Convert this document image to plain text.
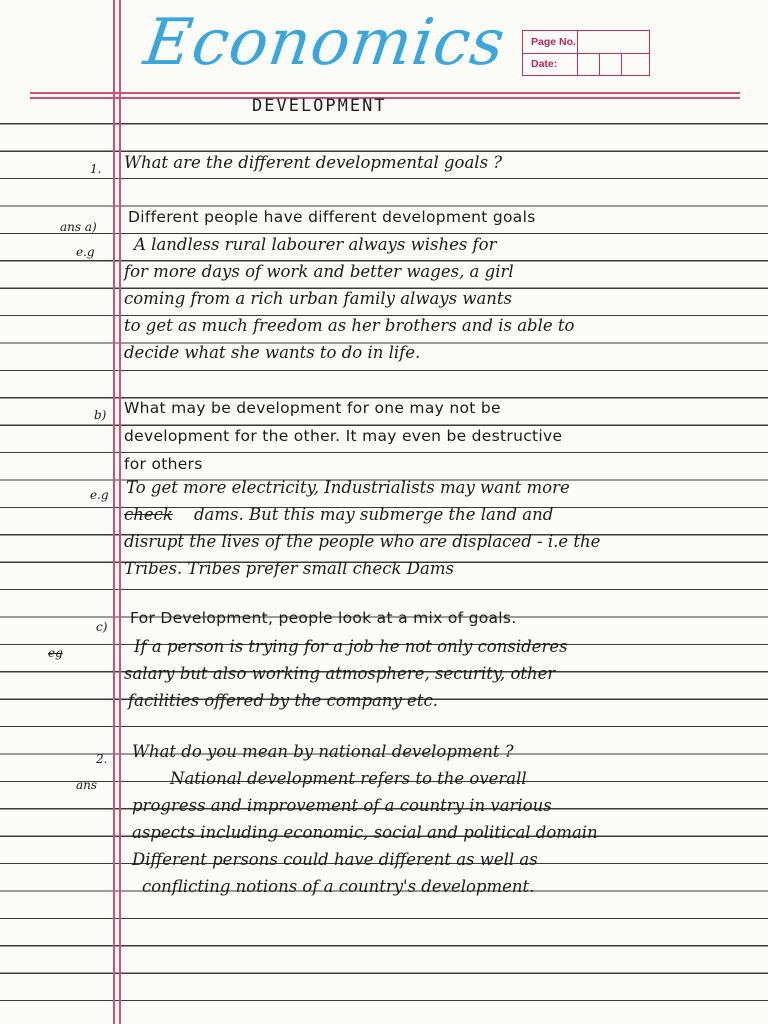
Economics Page No.
Date:
DEVELOPMENT
1. What are the different developmental goals ?
ans a)
Different people have different development goals
e.g A landless rural labourer always wishes for
for more days of work and better wages, a girl
coming from a rich urban family always wants
to get as much freedom as her brothers and is able to
decide what she wants to do in life.
b) What may be development for one may not be
development for the other. It may even be destructive
for others
e.g To get more electricity, Industrialists may want more
check dams. But this may submerge the land and
disrupt the lives of the people who are displaced - i.e the
Tribes. Tribes prefer small check Dams
c) For Development, people look at a mix of goals.
eg	If a person is trying for a job he not only consideres
salary but also working atmosphere, security, other
facilities offered by the company etc.
2. What do you mean by national development ?
ans	National development refers to the overall
progress and improvement of a country in various
aspects including economic, social and political domain
Different persons could have different as well as
conflicting notions of a country's development.
